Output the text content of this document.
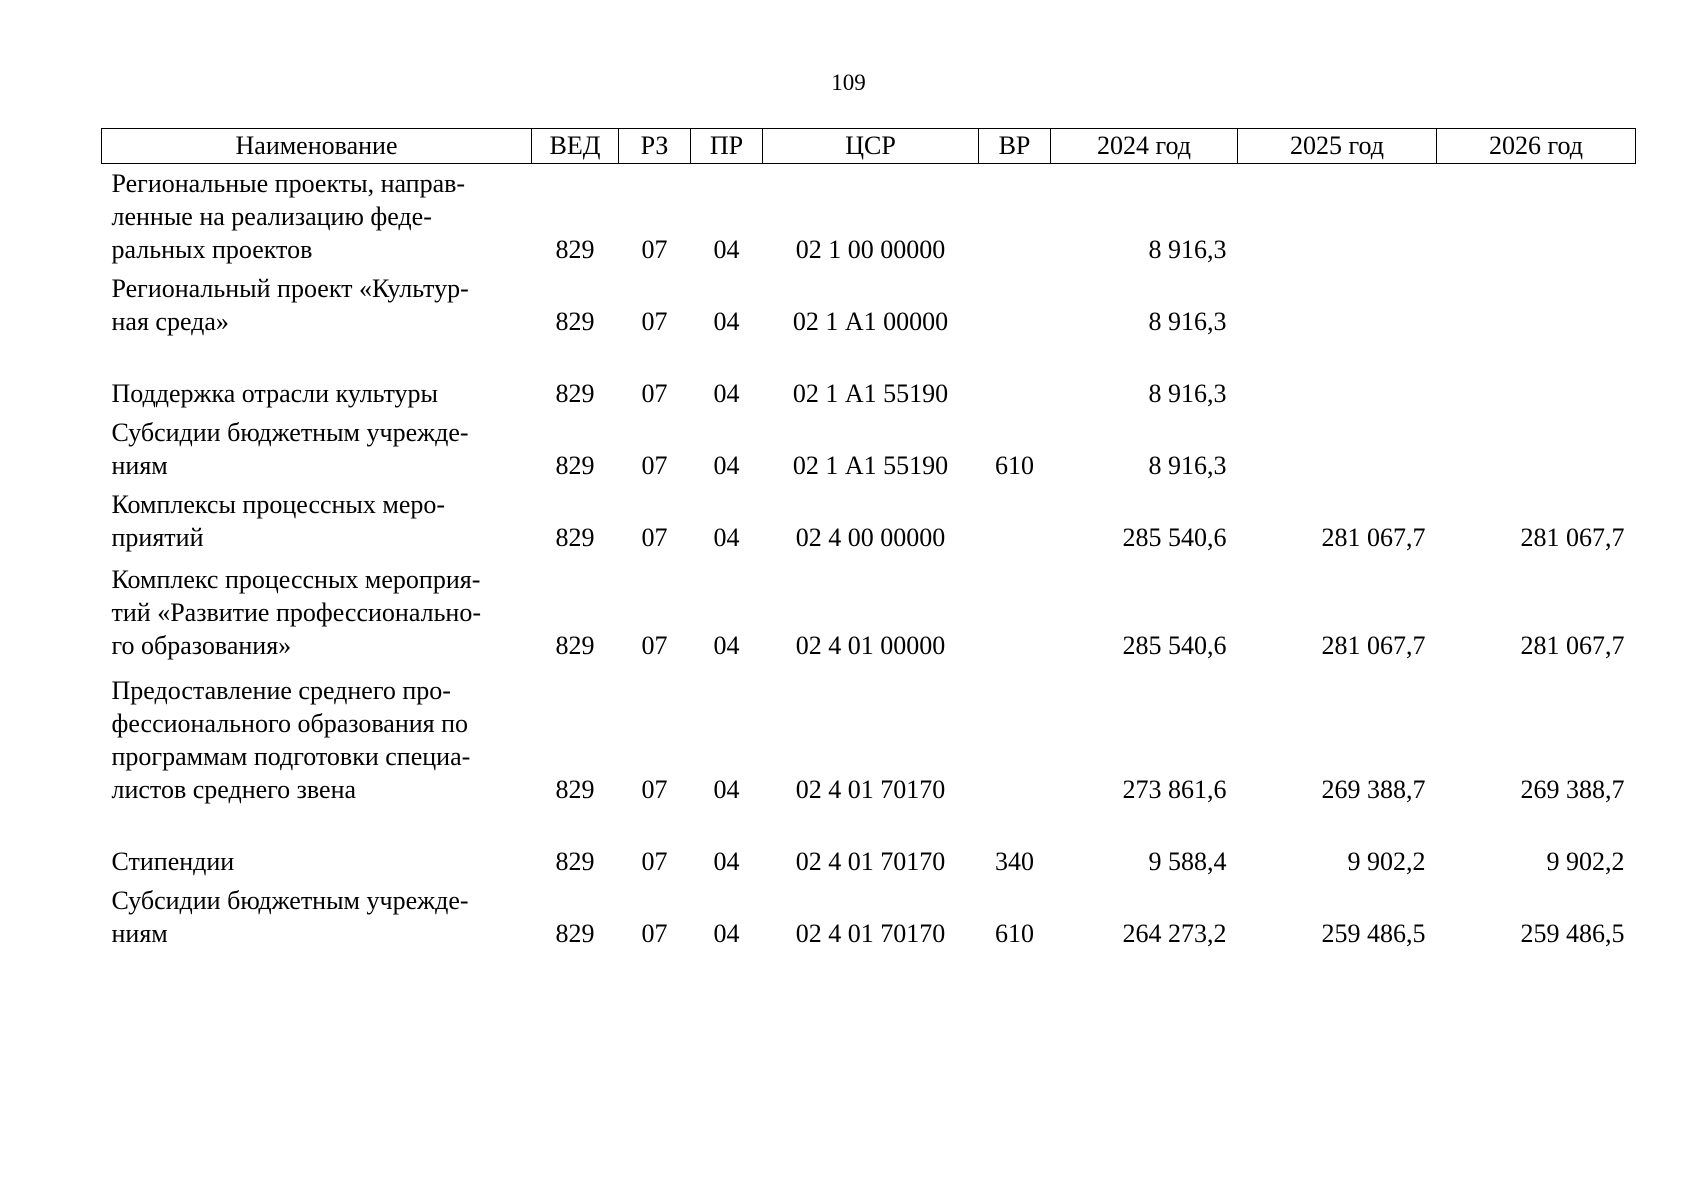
109
Наименование	ВЕД	РЗ	ПР	ЦСР	ВР	2024 год	2025 год	2026 год

Региональные проекты, направ-
ленные на реализацию феде-
ральных проектов	829	07	04	02 1 00 00000		8 916,3		

Региональный проект «Культур-
ная среда»	829	07	04	02 1 А1 00000		8 916,3		

Поддержка отрасли культуры	829	07	04	02 1 А1 55190		8 916,3		

Субсидии бюджетным учрежде-
ниям	829	07	04	02 1 А1 55190	610	8 916,3		

Комплексы процессных меро-
приятий	829	07	04	02 4 00 00000		285 540,6	281 067,7	281 067,7

Комплекс процессных мероприя-
тий «Развитие профессионально-
го образования»	829	07	04	02 4 01 00000		285 540,6	281 067,7	281 067,7

Предоставление среднего про-
фессионального образования по
программам подготовки специа-
листов среднего звена	829	07	04	02 4 01 70170		273 861,6	269 388,7	269 388,7

Стипендии	829	07	04	02 4 01 70170	340	9 588,4	9 902,2	9 902,2

Субсидии бюджетным учрежде-
ниям	829	07	04	02 4 01 70170	610	264 273,2	259 486,5	259 486,5
